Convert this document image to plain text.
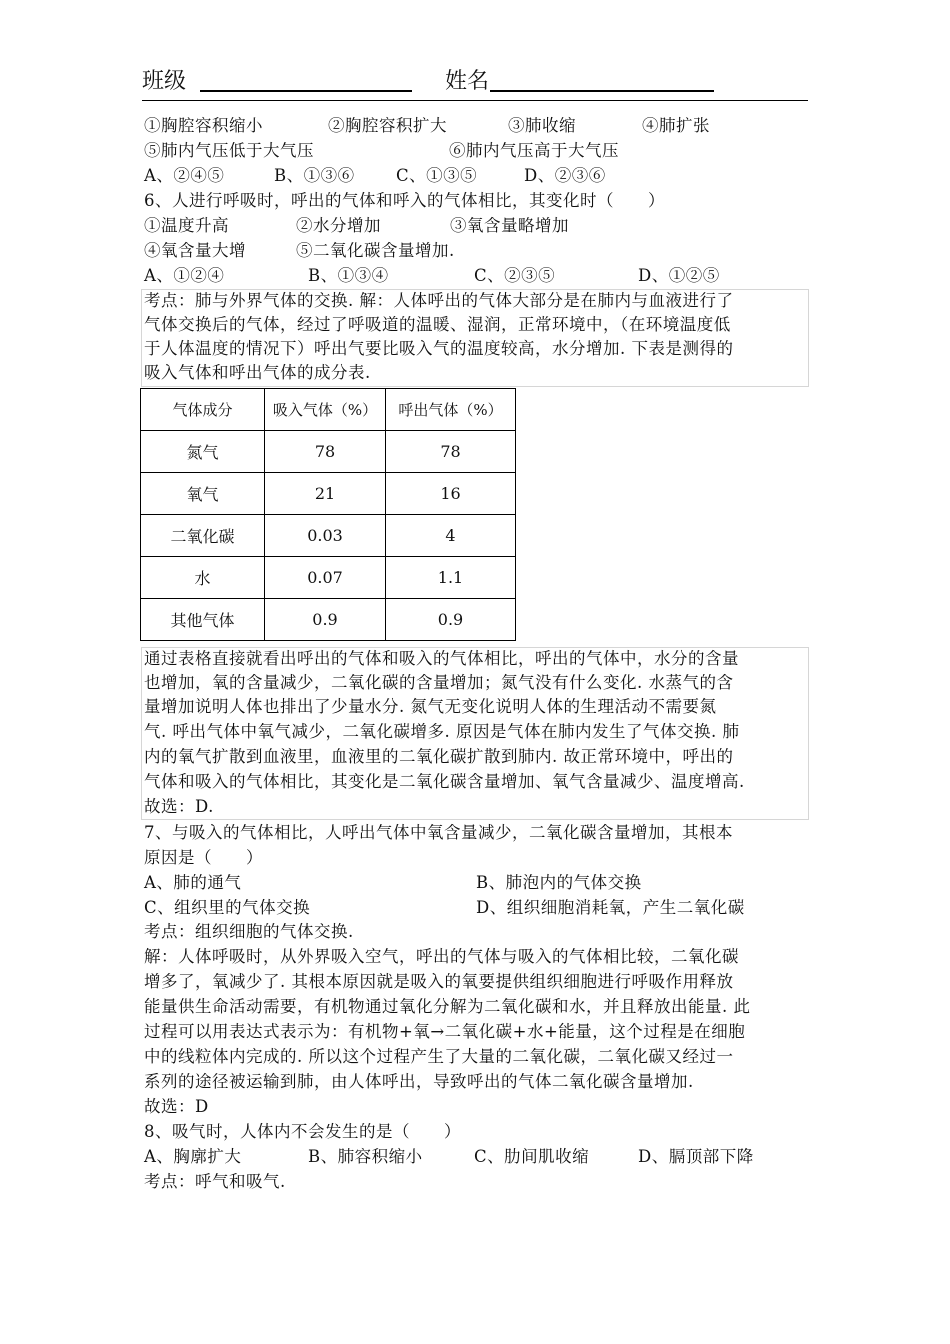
班级	姓名
①胸腔容积缩小	②胸腔容积扩大	③肺收缩	④肺扩张
⑤肺内气压低于大气压	⑥肺内气压高于大气压
A、②④⑤	B、①③⑥	C、①③⑤	D、②③⑥
6、人进行呼吸时，呼出的气体和呼入的气体相比，其变化时（　　）
①温度升高	②水分增加	③氧含量略增加
④氧含量大增	⑤二氧化碳含量增加.
A、①②④	B、①③④	C、②③⑤	D、①②⑤
考点：肺与外界气体的交换. 解：人体呼出的气体大部分是在肺内与血液进行了
气体交换后的气体，经过了呼吸道的温暖、湿润，正常环境中，（在环境温度低
于人体温度的情况下）呼出气要比吸入气的温度较高，水分增加. 下表是测得的
吸入气体和呼出气体的成分表.
气体成分	吸入气体（%）	呼出气体（%）
氮气	78	78
氧气	21	16
二氧化碳	0.03	4
水	0.07	1.1
其他气体	0.9	0.9
通过表格直接就看出呼出的气体和吸入的气体相比，呼出的气体中，水分的含量
也增加，氧的含量减少，二氧化碳的含量增加；氮气没有什么变化. 水蒸气的含
量增加说明人体也排出了少量水分. 氮气无变化说明人体的生理活动不需要氮
气. 呼出气体中氧气减少，二氧化碳增多. 原因是气体在肺内发生了气体交换. 肺
内的氧气扩散到血液里，血液里的二氧化碳扩散到肺内. 故正常环境中，呼出的
气体和吸入的气体相比，其变化是二氧化碳含量增加、氧气含量减少、温度增高.
故选：D.
7、与吸入的气体相比，人呼出气体中氧含量减少，二氧化碳含量增加，其根本
原因是（　　）
A、肺的通气	B、肺泡内的气体交换
C、组织里的气体交换	D、组织细胞消耗氧，产生二氧化碳
考点：组织细胞的气体交换.
解：人体呼吸时，从外界吸入空气，呼出的气体与吸入的气体相比较，二氧化碳
增多了，氧减少了. 其根本原因就是吸入的氧要提供组织细胞进行呼吸作用释放
能量供生命活动需要，有机物通过氧化分解为二氧化碳和水，并且释放出能量. 此
过程可以用表达式表示为：有机物+氧→二氧化碳+水+能量，这个过程是在细胞
中的线粒体内完成的. 所以这个过程产生了大量的二氧化碳，二氧化碳又经过一
系列的途径被运输到肺，由人体呼出，导致呼出的气体二氧化碳含量增加.
故选：D
8、吸气时，人体内不会发生的是（　　）
A、胸廓扩大	B、肺容积缩小	C、肋间肌收缩	D、膈顶部下降
考点：呼气和吸气.
